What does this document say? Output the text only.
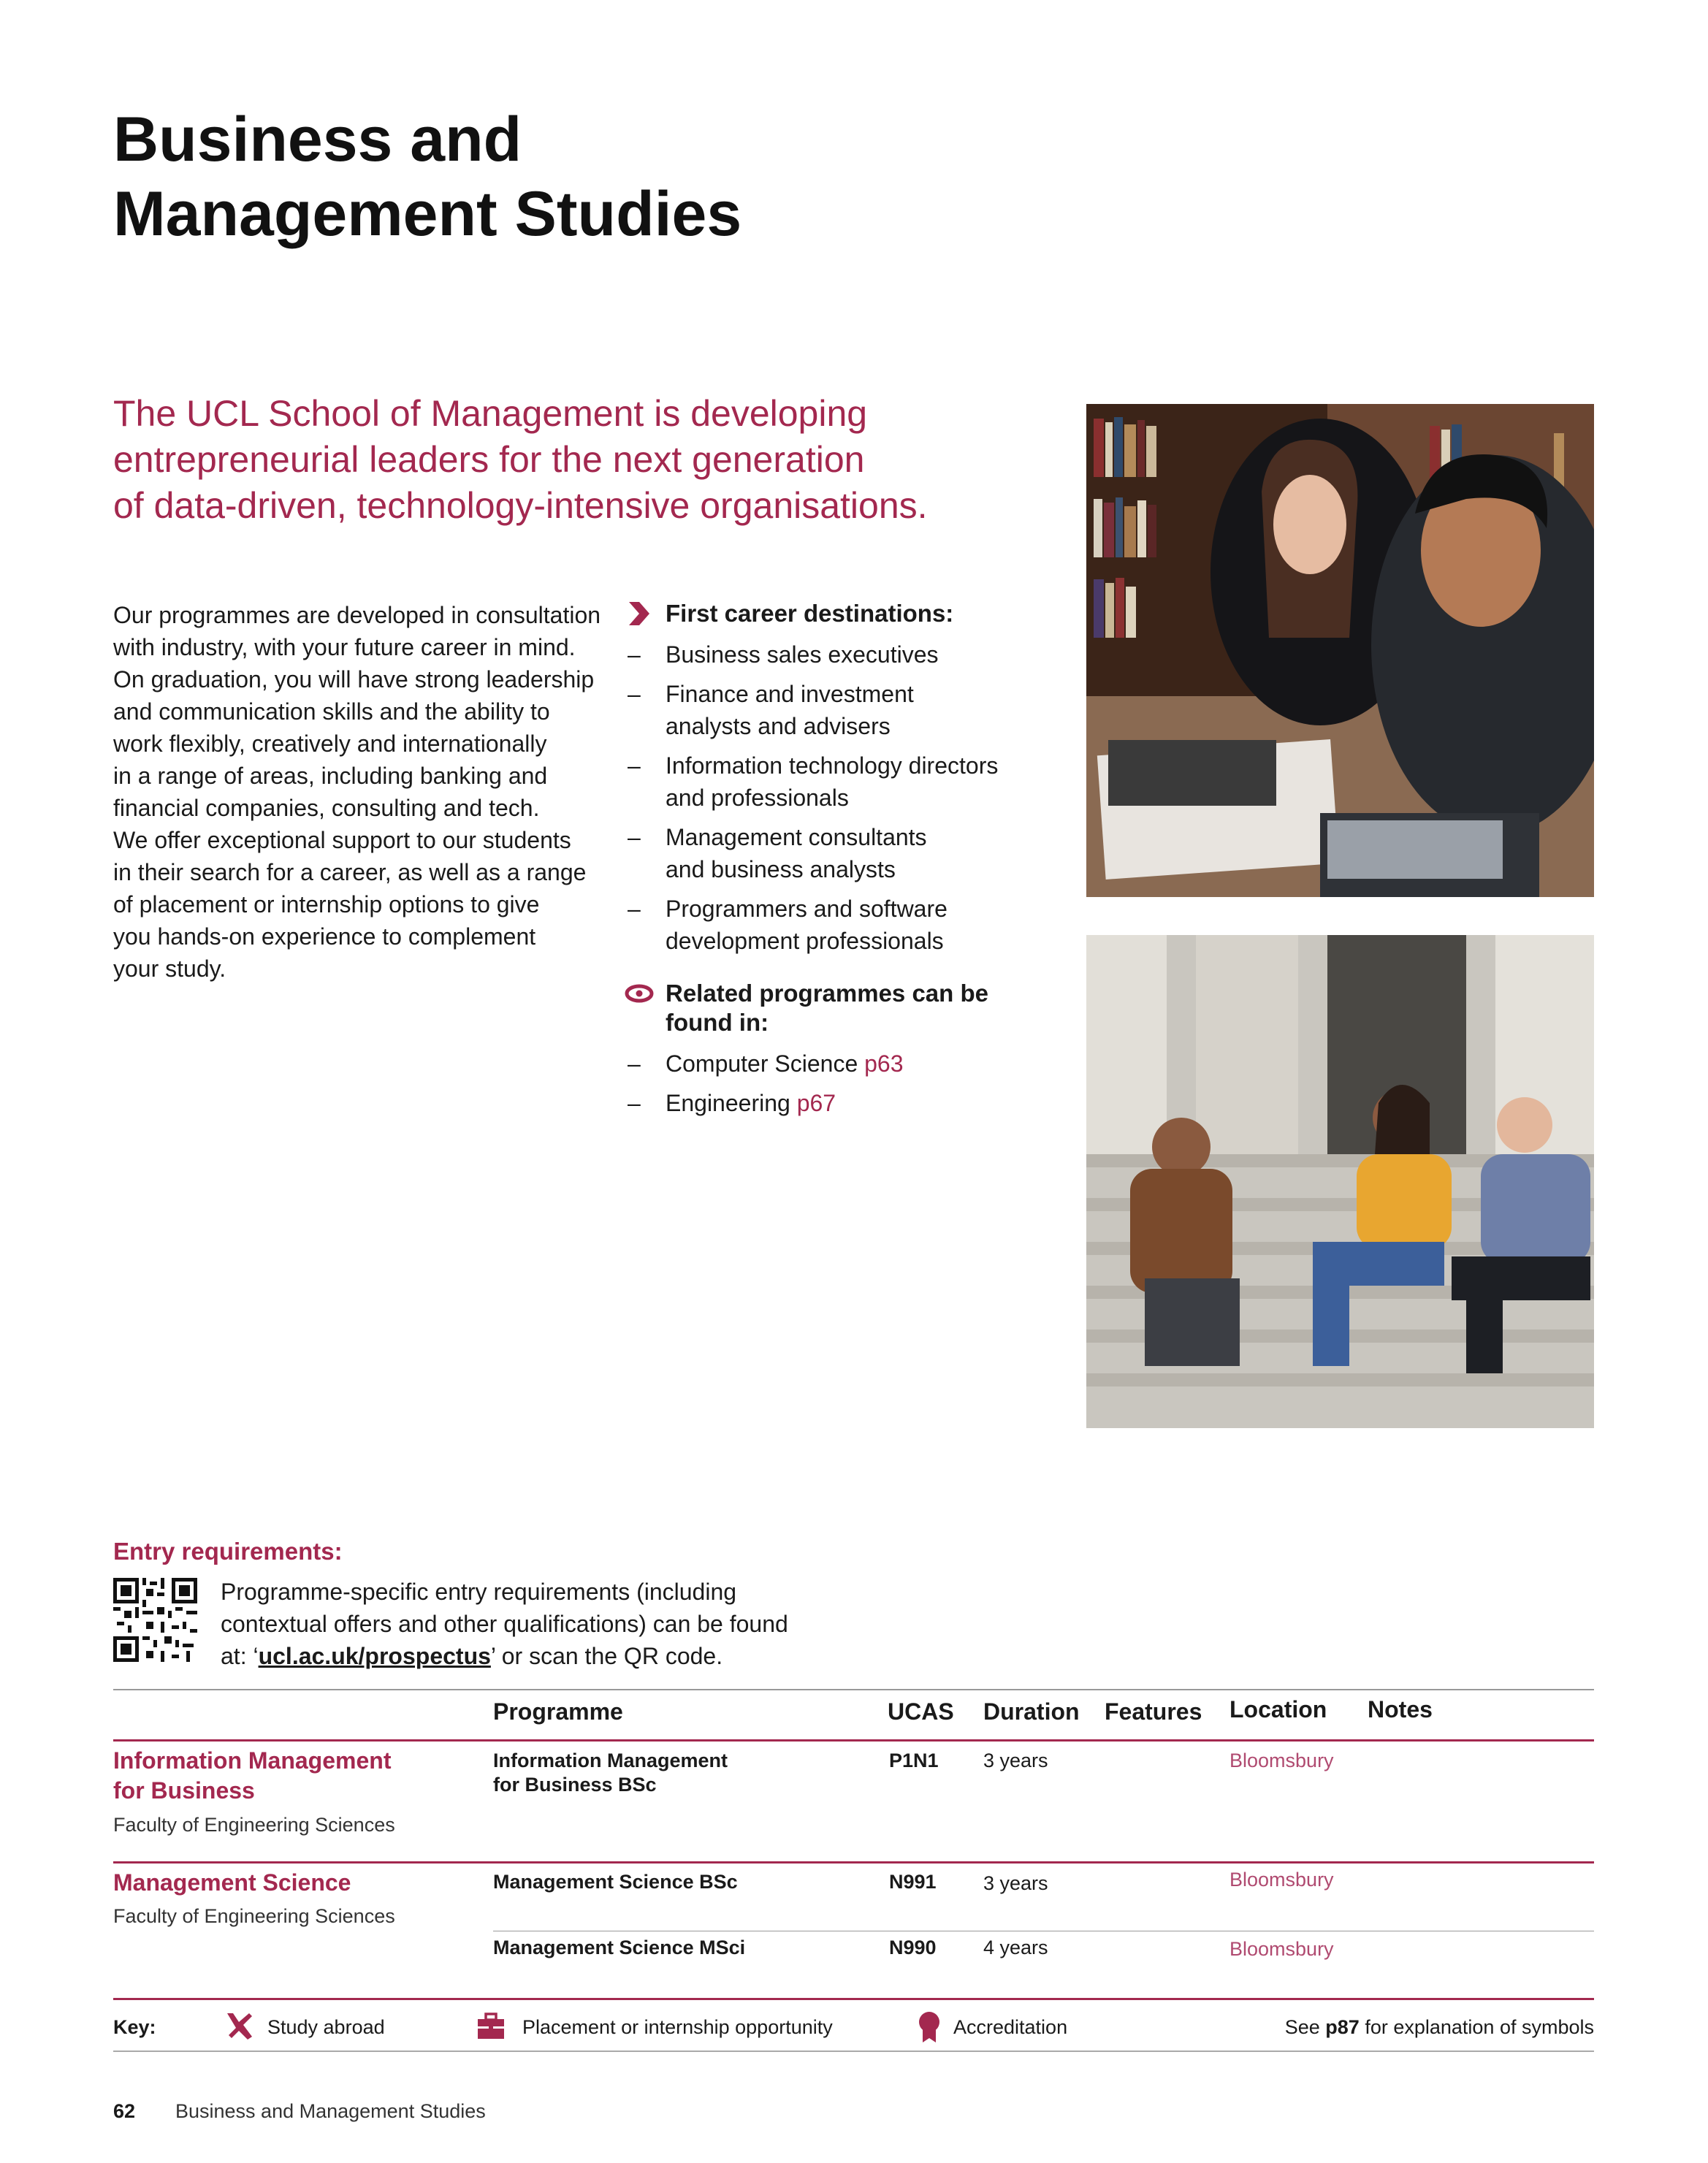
Business and
Management Studies

The UCL School of Management is developing
entrepreneurial leaders for the next generation
of data-driven, technology-intensive organisations.

Our programmes are developed in consultation
with industry, with your future career in mind.
On graduation, you will have strong leadership
and communication skills and the ability to
work flexibly, creatively and internationally
in a range of areas, including banking and
financial companies, consulting and tech.
We offer exceptional support to our students
in their search for a career, as well as a range
of placement or internship options to give
you hands-on experience to complement
your study.

First career destinations:
– Business sales executives
– Finance and investment
analysts and advisers
– Information technology directors
and professionals
– Management consultants
and business analysts
– Programmers and software
development professionals
Related programmes can be
found in:
– Computer Science p63
– Engineering p67
Entry requirements:
Programme-specific entry requirements (including
contextual offers and other qualifications) can be found
at: ‘ucl.ac.uk/prospectus’ or scan the QR code.
Programme	UCAS Duration Features Location Notes
Information Management
for Business
Faculty of Engineering Sciences
Information Management
for Business BSc
P1N1 3 years	Bloomsbury
Management Science
Faculty of Engineering Sciences
Management Science BSc	N991 3 years	Bloomsbury
Management Science MSci	N990 4 years	Bloomsbury
Key:	Study abroad	Placement or internship opportunity	Accreditation	See p87 for explanation of symbols
62 Business and Management Studies
